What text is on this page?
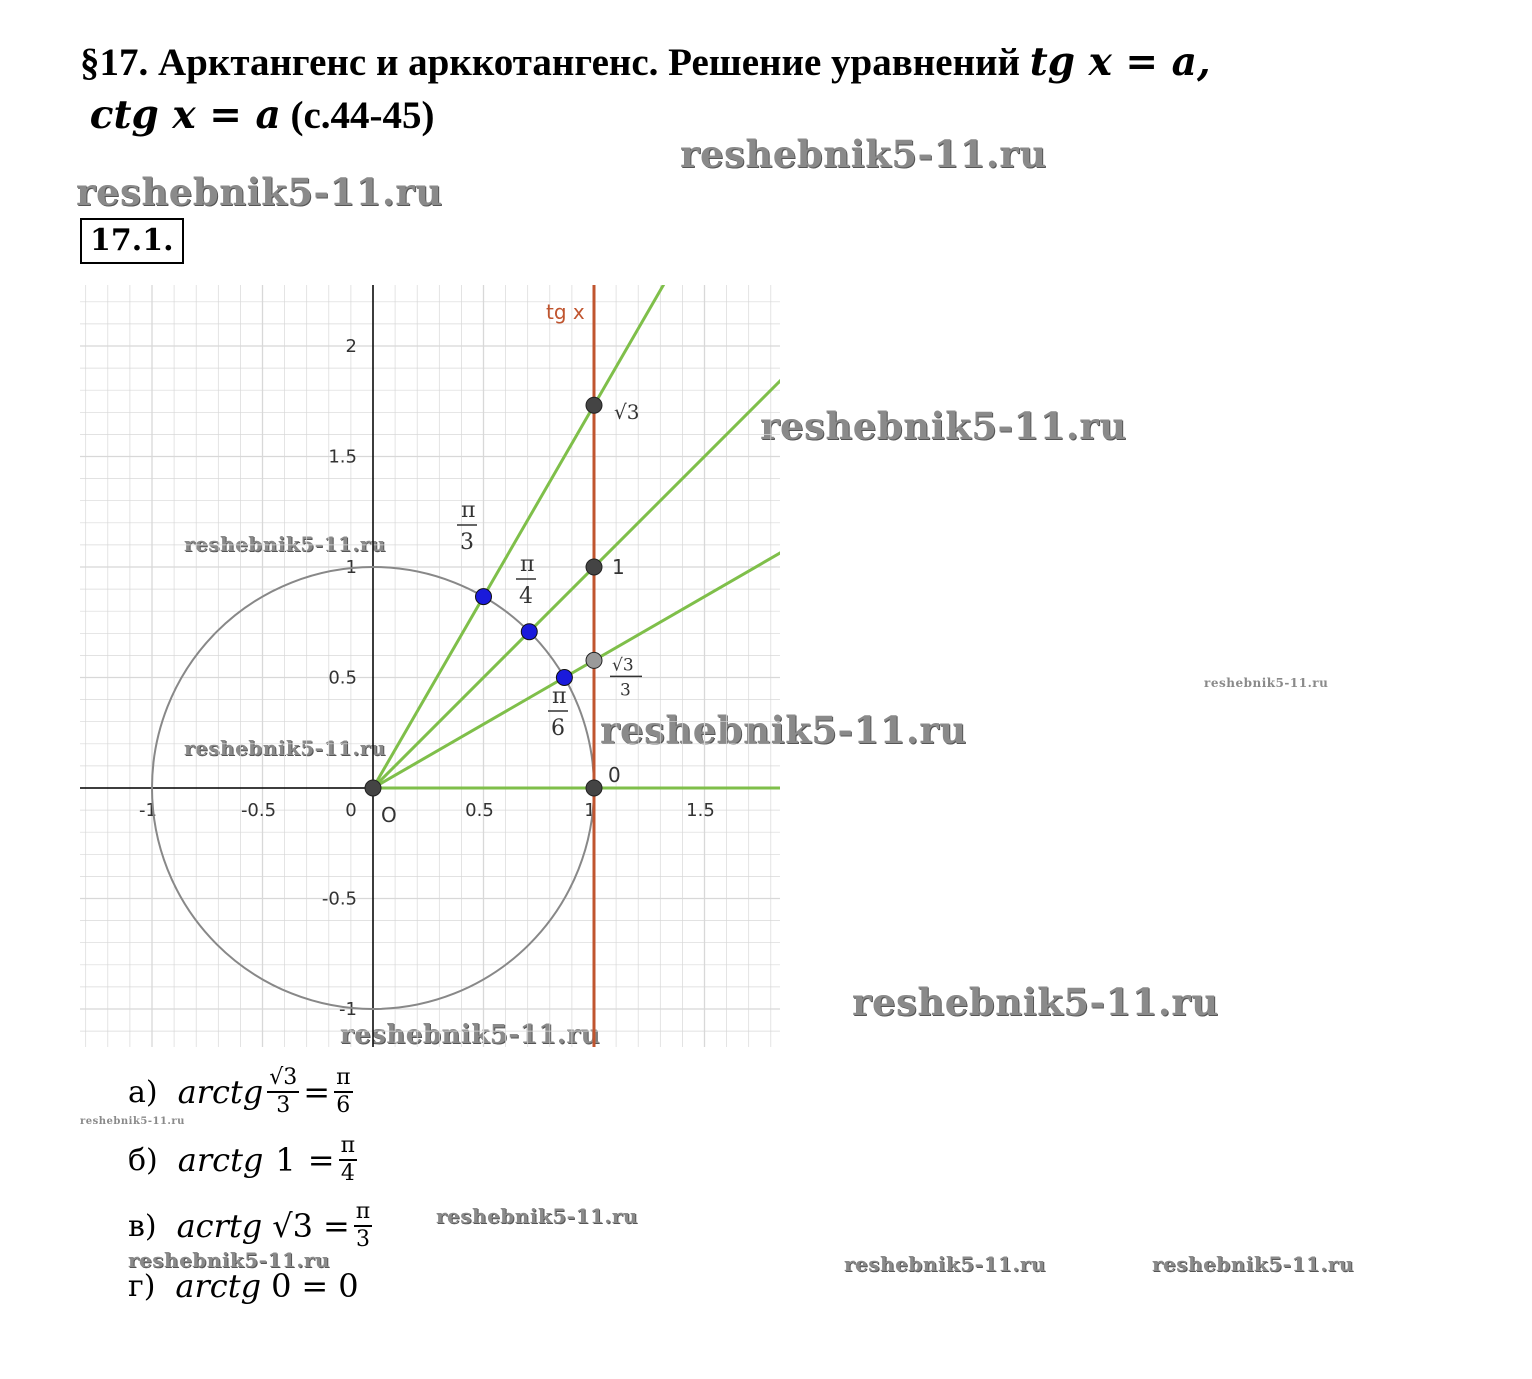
§17. Арктангенс и арккотангенс. Решение уравнений tg x = a,
ctg x = a (с.44-45)
17.1.
reshebnik5-11.ru
reshebnik5-11.ru
reshebnik5-11.ru
reshebnik5-11.ru
reshebnik5-11.ru
reshebnik5-11.ru
reshebnik5-11.ru
reshebnik5-11.ru
reshebnik5-11.ru
reshebnik5-11.ru	reshebnik5-11.ru	reshebnik5-11.ru
reshebnik5-11.ru
reshebnik5-11.ru
-1	-0.5	0	0.5	1	1.5
2
1.5
1
0.5
-0.5
-1
tg x
O
√3
1
0
√3
3
π
3
π
4
π
6
а) arctg $\frac{√3}{3} = \frac{\pi}{6}$
б) arctg $1 = \frac{\pi}{4}$
в) acrtg $√3 = \frac{\pi}{3}$
г) arctg 0 = 0
